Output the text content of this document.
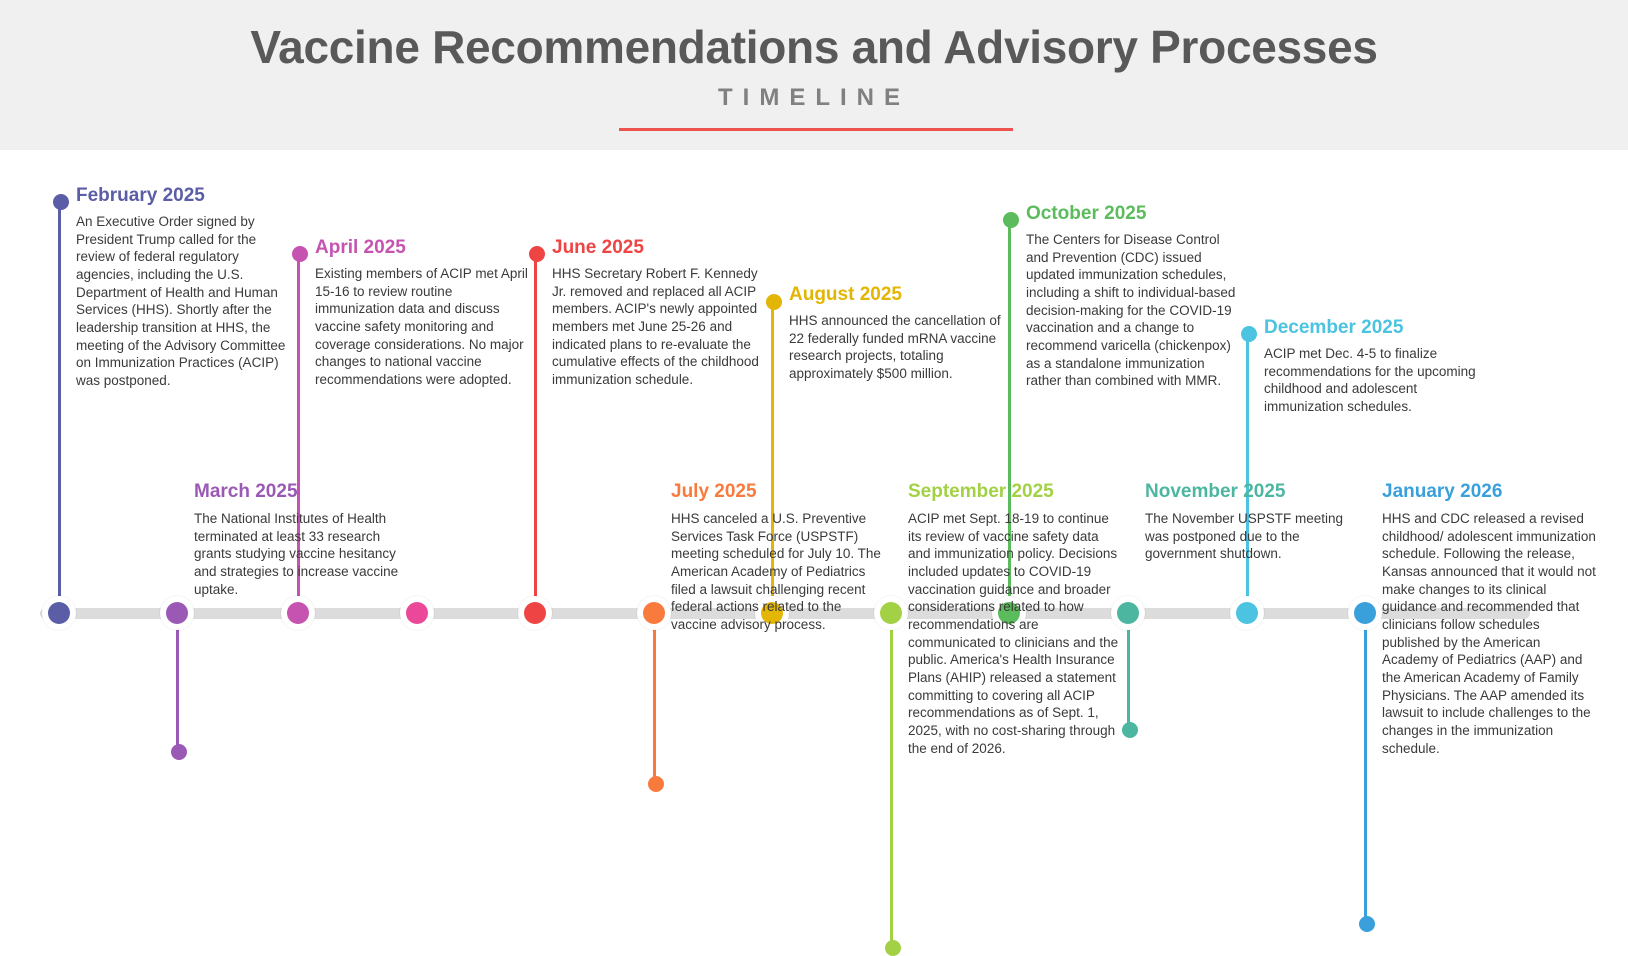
Vaccine Recommendations and Advisory Processes
TIMELINE
February 2025
An Executive Order signed by President Trump called for the review of federal regulatory agencies, including the U.S. Department of Health and Human Services (HHS). Shortly after the leadership transition at HHS, the meeting of the Advisory Committee on Immunization Practices (ACIP) was postponed.
March 2025
The National Institutes of Health terminated at least 33 research grants studying vaccine hesitancy and strategies to increase vaccine uptake.
April 2025
Existing members of ACIP met April 15-16 to review routine immunization data and discuss vaccine safety monitoring and coverage considerations. No major changes to national vaccine recommendations were adopted.
June 2025
HHS Secretary Robert F. Kennedy Jr. removed and replaced all ACIP members. ACIP's newly appointed members met June 25-26 and indicated plans to re-evaluate the cumulative effects of the childhood immunization schedule.
July 2025
HHS canceled a U.S. Preventive Services Task Force (USPSTF) meeting scheduled for July 10. The American Academy of Pediatrics filed a lawsuit challenging recent federal actions related to the vaccine advisory process.
August 2025
HHS announced the cancellation of 22 federally funded mRNA vaccine research projects, totaling approximately $500 million.
September 2025
ACIP met Sept. 18-19 to continue its review of vaccine safety data and immunization policy. Decisions included updates to COVID-19 vaccination guidance and broader considerations related to how recommendations are communicated to clinicians and the public. America's Health Insurance Plans (AHIP) released a statement committing to covering all ACIP recommendations as of Sept. 1, 2025, with no cost-sharing through the end of 2026.
October 2025
The Centers for Disease Control and Prevention (CDC) issued updated immunization schedules, including a shift to individual-based decision-making for the COVID-19 vaccination and a change to recommend varicella (chickenpox) as a standalone immunization rather than combined with MMR.
November 2025
The November USPSTF meeting was postponed due to the government shutdown.
December 2025
ACIP met Dec. 4-5 to finalize recommendations for the upcoming childhood and adolescent immunization schedules.
January 2026
HHS and CDC released a revised childhood/ adolescent immunization schedule. Following the release, Kansas announced that it would not make changes to its clinical guidance and recommended that clinicians follow schedules published by the American Academy of Pediatrics (AAP) and the American Academy of Family Physicians. The AAP amended its lawsuit to include challenges to the changes in the immunization schedule.
